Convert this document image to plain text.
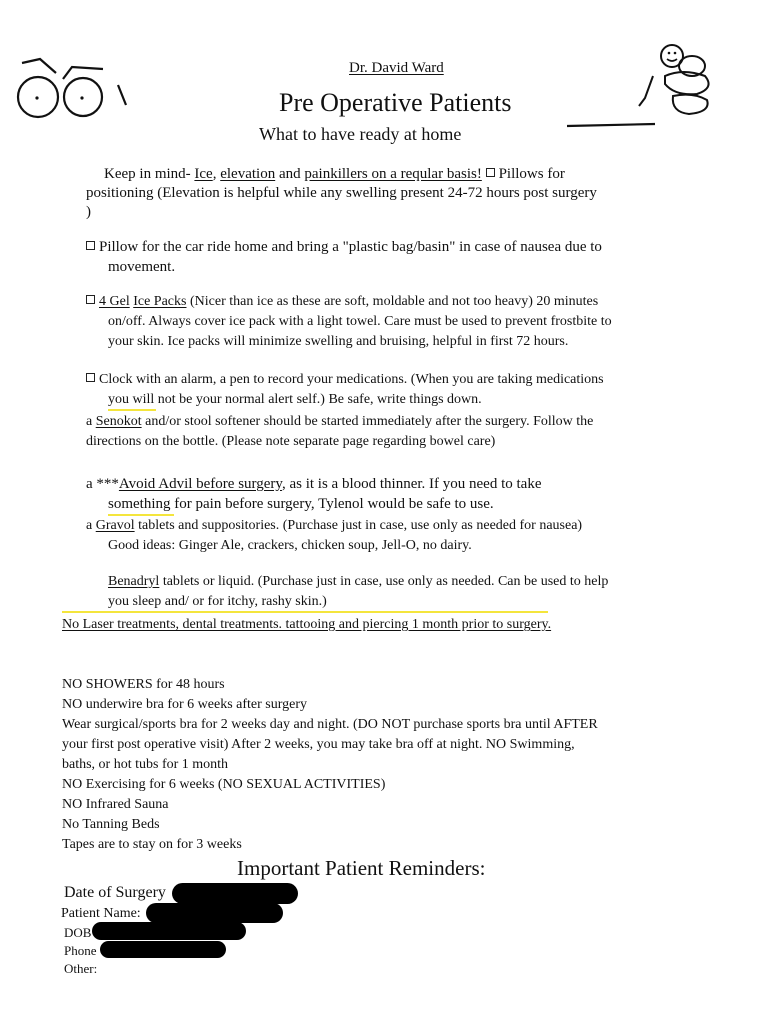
Dr. David Ward
Pre Operative Patients
What to have ready at home
Keep in mind- Ice, elevation and painkillers on a reqular basis! Pillows for
positioning (Elevation is helpful while any swelling present 24-72 hours post surgery
)
Pillow for the car ride home and bring a "plastic bag/basin" in case of nausea due to
movement.
4 Gel Ice Packs (Nicer than ice as these are soft, moldable and not too heavy) 20 minutes
on/off. Always cover ice pack with a light towel. Care must be used to prevent frostbite to
your skin. Ice packs will minimize swelling and bruising, helpful in first 72 hours.
Clock with an alarm, a pen to record your medications. (When you are taking medications
you will not be your normal alert self.) Be safe, write things down.
a Senokot and/or stool softener should be started immediately after the surgery. Follow the
directions on the bottle. (Please note separate page regarding bowel care)
a ***Avoid Advil before surgery, as it is a blood thinner. If you need to take
something for pain before surgery, Tylenol would be safe to use.
a Gravol tablets and suppositories. (Purchase just in case, use only as needed for nausea)
Good ideas: Ginger Ale, crackers, chicken soup, Jell-O, no dairy.
Benadryl tablets or liquid. (Purchase just in case, use only as needed. Can be used to help
you sleep and/ or for itchy, rashy skin.)
No Laser treatments, dental treatments. tattooing and piercing 1 month prior to surgery.
NO SHOWERS for 48 hours
NO underwire bra for 6 weeks after surgery
Wear surgical/sports bra for 2 weeks day and night. (DO NOT purchase sports bra until AFTER
your first post operative visit) After 2 weeks, you may take bra off at night. NO Swimming,
baths, or hot tubs for 1 month
NO Exercising for 6 weeks (NO SEXUAL ACTIVITIES)
NO Infrared Sauna
No Tanning Beds
Tapes are to stay on for 3 weeks
Important Patient Reminders:
Date of Surgery
Patient Name:
DOB
Phone
Other:
